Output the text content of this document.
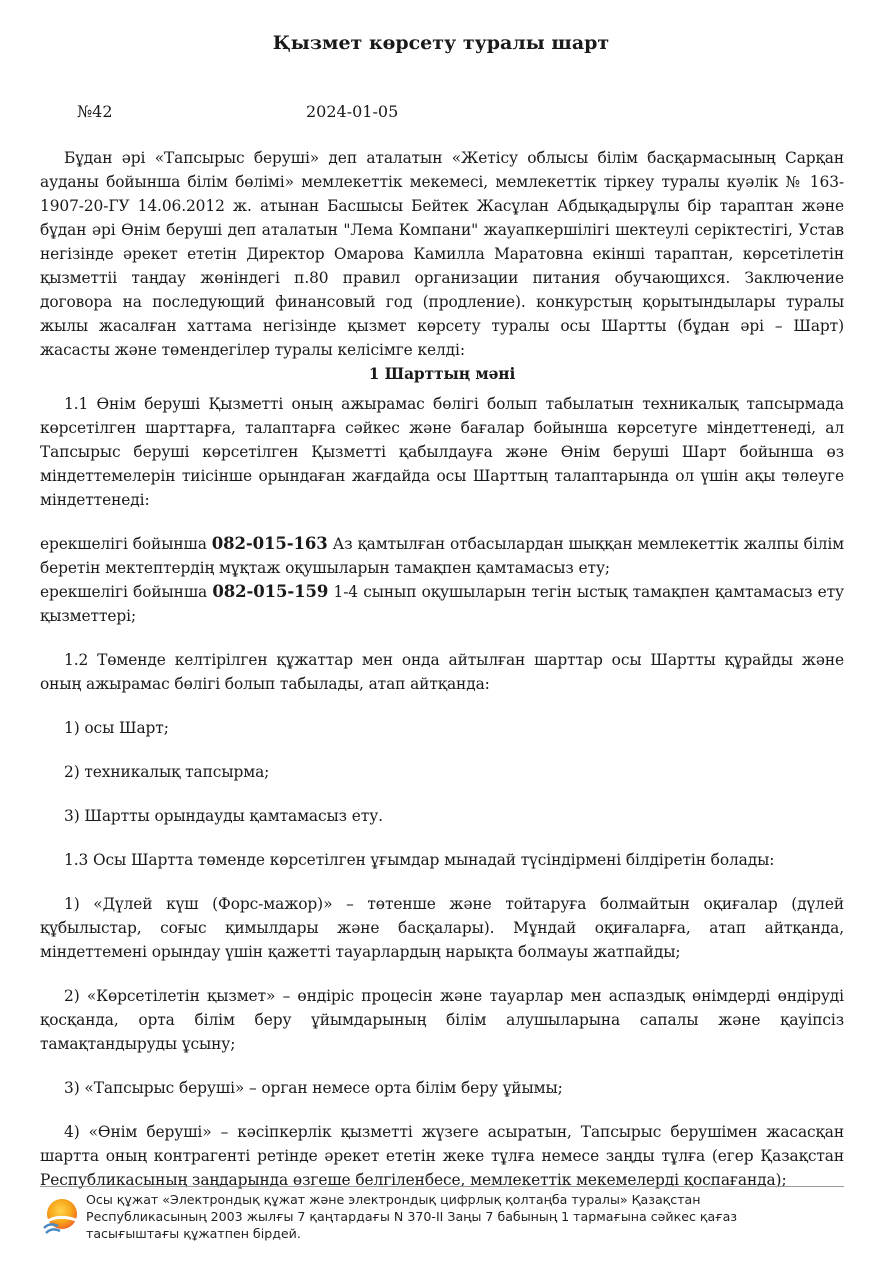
Қызмет көрсету туралы шарт
№42	2024-01-05

Бұдан әрі «Тапсырыс беруші» деп аталатын «Жетісу облысы білім басқармасының Сарқан ауданы бойынша білім бөлімі» мемлекеттік мекемесі, мемлекеттік тіркеу туралы куәлік № 163-1907-20-ГУ 14.06.2012 ж. атынан Басшысы Бейтек Жасұлан Абдықадырұлы бір тараптан және бұдан әрі Өнім беруші деп аталатын "Лема Компани" жауапкершілігі шектеулі серіктестігі, Устав негізінде әрекет ететін Директор Омарова Камилла Маратовна екінші тараптан, көрсетілетін қызметтіі таңдау жөніндегі п.80 правил организации питания обучающихся. Заключение договора на последующий финансовый год (продление). конкурстың қорытындылары туралы жылы жасалған хаттама негізінде қызмет көрсету туралы осы Шартты (бұдан әрі – Шарт) жасасты және төмендегілер туралы келісімге келді:

1 Шарттың мәні

1.1 Өнім беруші Қызметті оның ажырамас бөлігі болып табылатын техникалық тапсырмада көрсетілген шарттарға, талаптарға сәйкес және бағалар бойынша көрсетуге міндеттенеді, ал Тапсырыс беруші көрсетілген Қызметті қабылдауға және Өнім беруші Шарт бойынша өз міндеттемелерін тиісінше орындаған жағдайда осы Шарттың талаптарында ол үшін ақы төлеуге міндеттенеді:

ерекшелігі бойынша 082-015-163 Аз қамтылған отбасылардан шыққан мемлекеттік жалпы білім беретін мектептердің мұқтаж оқушыларын тамақпен қамтамасыз ету;

ерекшелігі бойынша 082-015-159 1-4 сынып оқушыларын тегін ыстық тамақпен қамтамасыз ету қызметтері;

1.2 Төменде келтірілген құжаттар мен онда айтылған шарттар осы Шартты құрайды және оның ажырамас бөлігі болып табылады, атап айтқанда:

1) осы Шарт;

2) техникалық тапсырма;

3) Шартты орындауды қамтамасыз ету.

1.3 Осы Шартта төменде көрсетілген ұғымдар мынадай түсіндірмені білдіретін болады:

1) «Дүлей күш (Форс-мажор)» – төтенше және тойтаруға болмайтын оқиғалар (дүлей құбылыстар, соғыс қимылдары және басқалары). Мұндай оқиғаларға, атап айтқанда, міндеттемені орындау үшін қажетті тауарлардың нарықта болмауы жатпайды;

2) «Көрсетілетін қызмет» – өндіріс процесін және тауарлар мен аспаздық өнімдерді өндіруді қосқанда, орта білім беру ұйымдарының білім алушыларына сапалы және қауіпсіз тамақтандыруды ұсыну;

3) «Тапсырыс беруші» – орган немесе орта білім беру ұйымы;

4) «Өнім беруші» – кәсіпкерлік қызметті жүзеге асыратын, Тапсырыс берушімен жасасқан шартта оның контрагенті ретінде әрекет ететін жеке тұлға немесе заңды тұлға (егер Қазақстан Республикасының заңдарында өзгеше белгіленбесе, мемлекеттік мекемелерді қоспағанда);

Осы құжат «Электрондық құжат және электрондық цифрлық қолтаңба туралы» Қазақстан Республикасының 2003 жылғы 7 қаңтардағы N 370-II Заңы 7 бабының 1 тармағына сәйкес қағаз тасығыштағы құжатпен бірдей.
